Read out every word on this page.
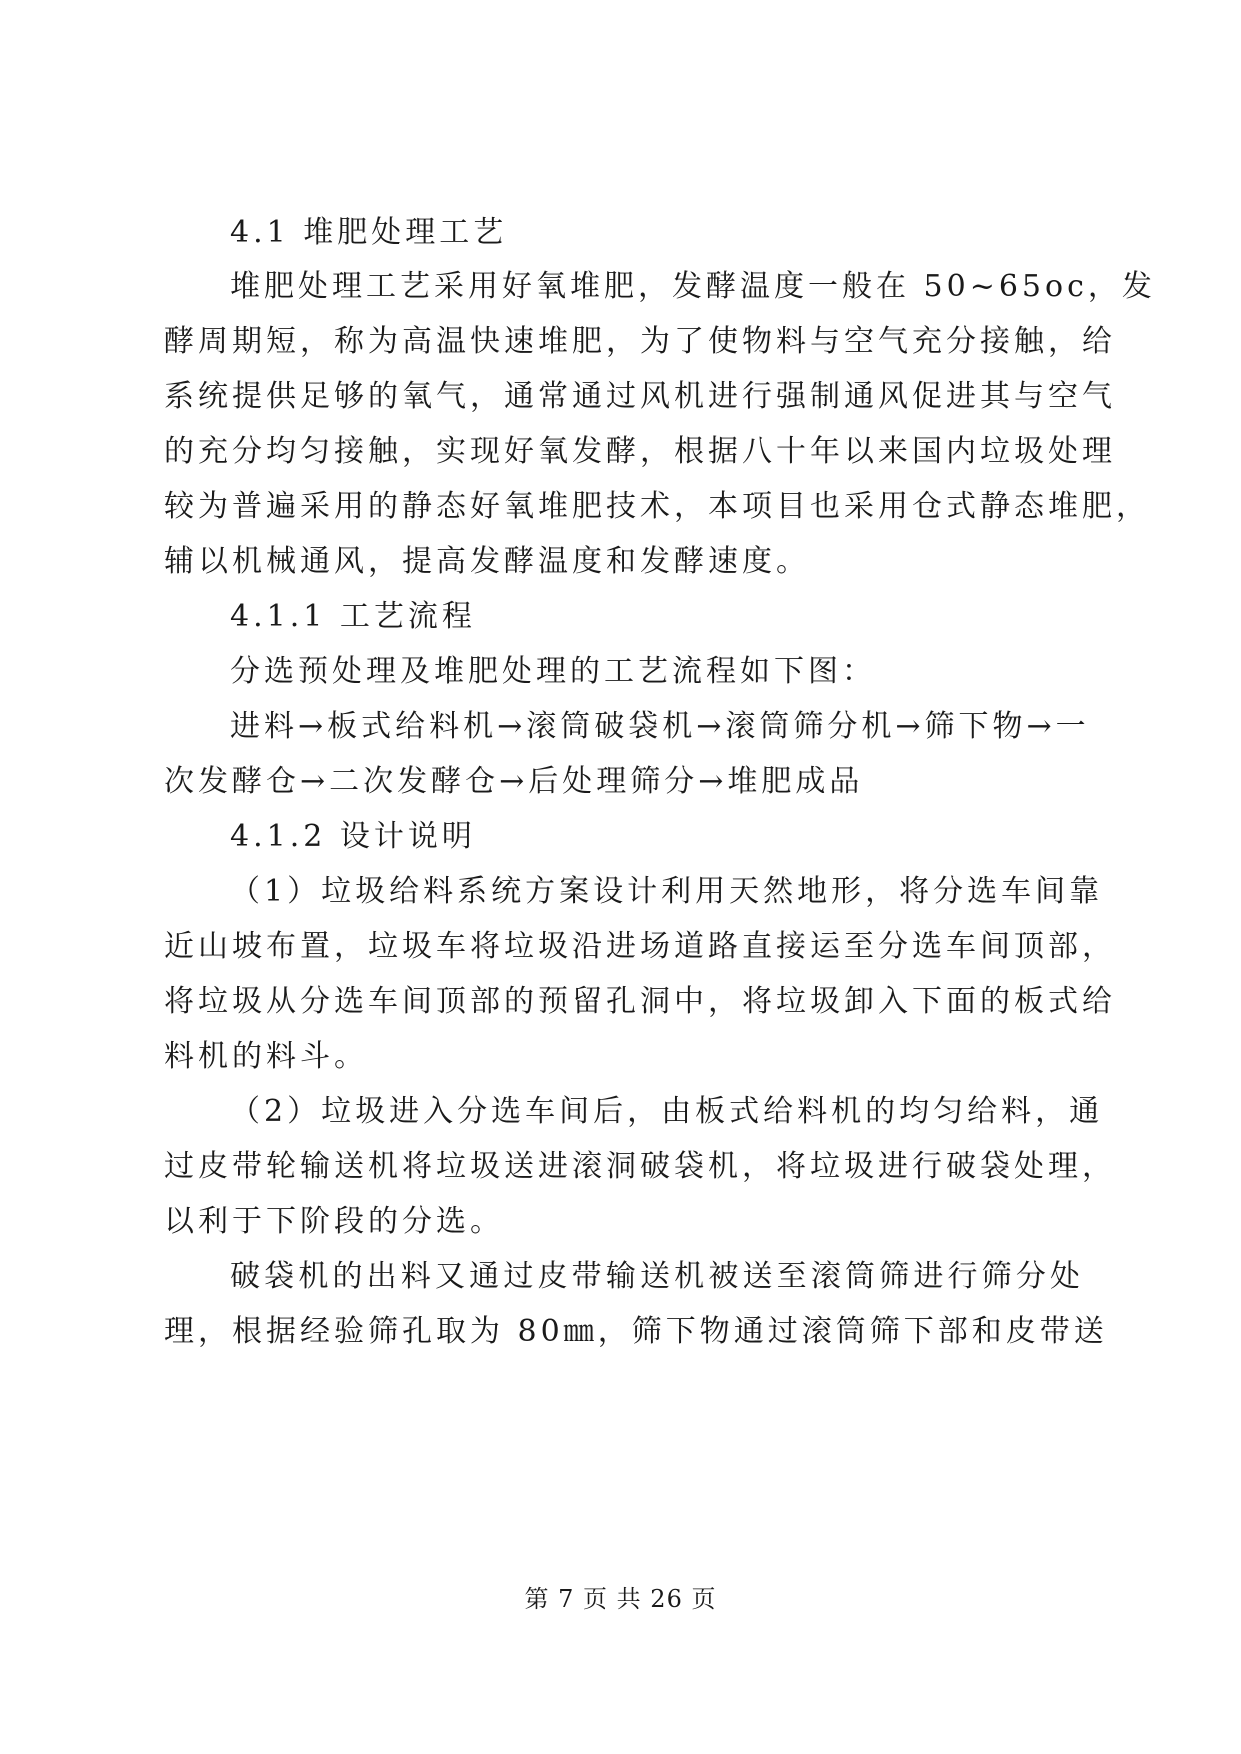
4.1 堆肥处理工艺
堆肥处理工艺采用好氧堆肥，发酵温度一般在 50~65oc，发
酵周期短，称为高温快速堆肥，为了使物料与空气充分接触，给
系统提供足够的氧气，通常通过风机进行强制通风促进其与空气
的充分均匀接触，实现好氧发酵，根据八十年以来国内垃圾处理
较为普遍采用的静态好氧堆肥技术，本项目也采用仓式静态堆肥，
辅以机械通风，提高发酵温度和发酵速度。
4.1.1 工艺流程
分选预处理及堆肥处理的工艺流程如下图：
进料→板式给料机→滚筒破袋机→滚筒筛分机→筛下物→一
次发酵仓→二次发酵仓→后处理筛分→堆肥成品
4.1.2 设计说明
（1）垃圾给料系统方案设计利用天然地形，将分选车间靠
近山坡布置，垃圾车将垃圾沿进场道路直接运至分选车间顶部，
将垃圾从分选车间顶部的预留孔洞中，将垃圾卸入下面的板式给
料机的料斗。
（2）垃圾进入分选车间后，由板式给料机的均匀给料，通
过皮带轮输送机将垃圾送进滚洞破袋机，将垃圾进行破袋处理，
以利于下阶段的分选。
破袋机的出料又通过皮带输送机被送至滚筒筛进行筛分处
理，根据经验筛孔取为 80㎜，筛下物通过滚筒筛下部和皮带送
第 7 页 共 26 页
